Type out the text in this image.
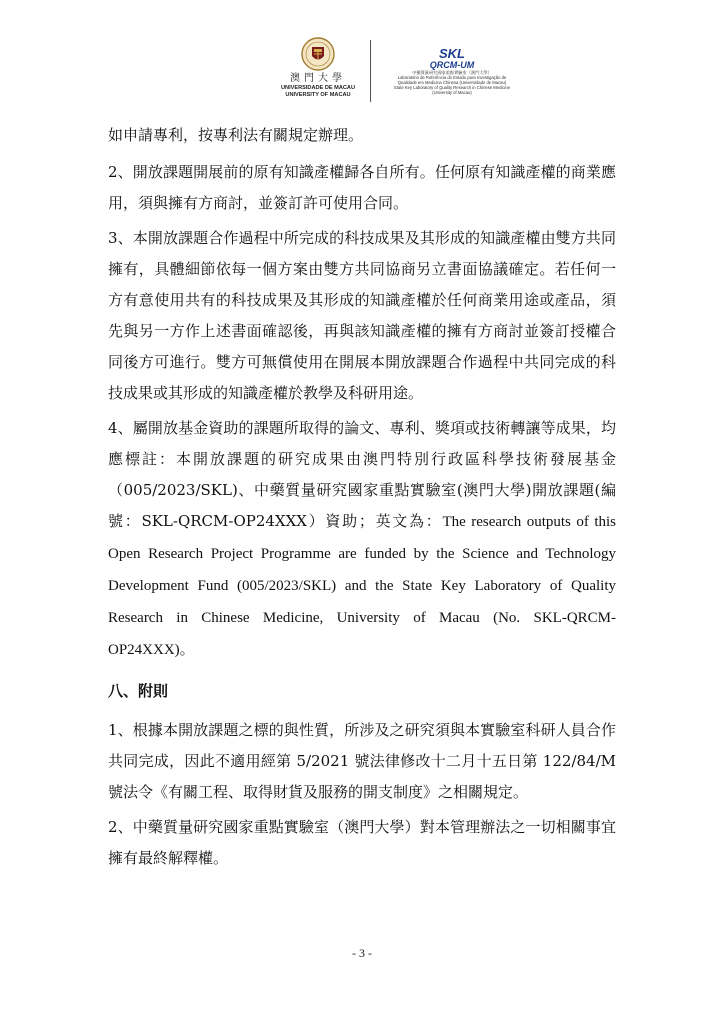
澳門大學
UNIVERSIDADE DE MACAU
UNIVERSITY OF MACAU
SKL
QRCM-UM
中藥質量研究國家重點實驗室（澳門大學）
Laboratório de Referência do Estado para Investigação de
Qualidade em Medicina Chinesa (Universidade de Macau)
State Key Laboratory of Quality Research in Chinese Medicine
(University of Macau)

如申請專利，按專利法有關規定辦理。

2、開放課題開展前的原有知識產權歸各自所有。任何原有知識產權的商業應用，須與擁有方商討，並簽訂許可使用合同。

3、本開放課題合作過程中所完成的科技成果及其形成的知識產權由雙方共同擁有，具體細節依每一個方案由雙方共同協商另立書面協議確定。若任何一方有意使用共有的科技成果及其形成的知識產權於任何商業用途或產品，須先與另一方作上述書面確認後，再與該知識產權的擁有方商討並簽訂授權合同後方可進行。雙方可無償使用在開展本開放課題合作過程中共同完成的科技成果或其形成的知識產權於教學及科研用途。

4、屬開放基金資助的課題所取得的論文、專利、獎項或技術轉讓等成果，均應標註：本開放課題的研究成果由澳門特別行政區科學技術發展基金（005/2023/SKL)、中藥質量研究國家重點實驗室(澳門大學)開放課題(編號：SKL-QRCM-OP24XXX）資助；英文為：The research outputs of this Open Research Project Programme are funded by the Science and Technology Development Fund (005/2023/SKL) and the State Key Laboratory of Quality Research in Chinese Medicine, University of Macau (No. SKL-QRCM-OP24XXX)。

八、附則

1、根據本開放課題之標的與性質，所涉及之研究須與本實驗室科研人員合作共同完成，因此不適用經第 5/2021 號法律修改十二月十五日第 122/84/M 號法令《有關工程、取得財貨及服務的開支制度》之相關規定。

2、中藥質量研究國家重點實驗室（澳門大學）對本管理辦法之一切相關事宜擁有最終解釋權。

- 3 -
